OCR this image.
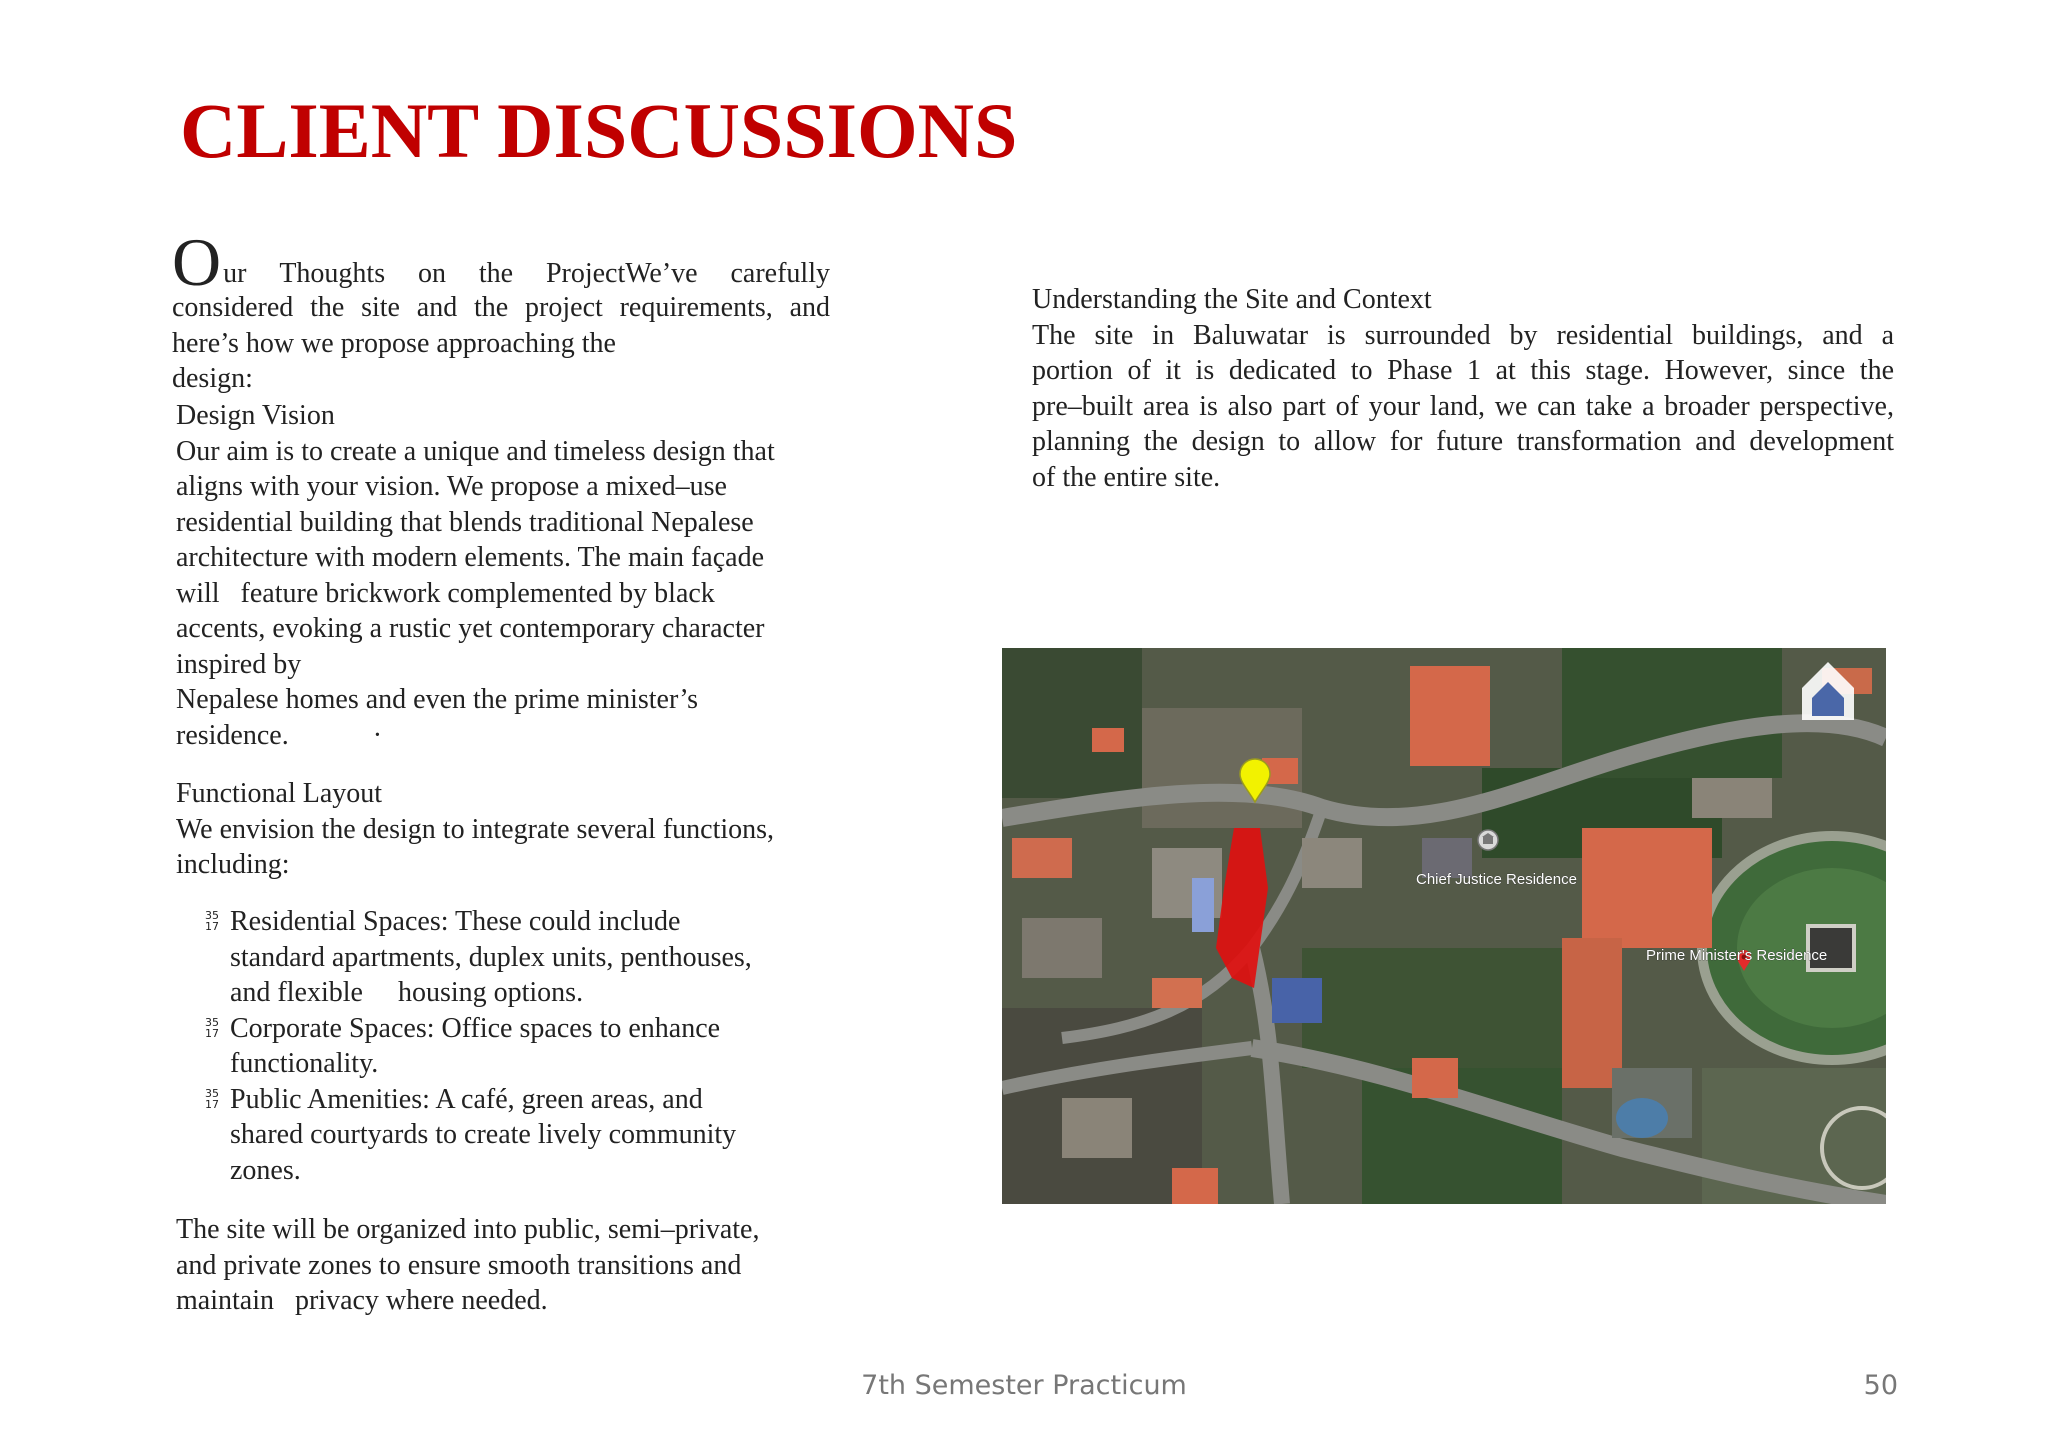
CLIENT DISCUSSIONS
O ur Thoughts on the ProjectWe’ve carefully
considered the site and the project requirements, and
here’s how we propose approaching the
design:
Design Vision
Our aim is to create a unique and timeless design that
aligns with your vision. We propose a mixed–use
residential building that blends traditional Nepalese
architecture with modern elements. The main façade
will   feature brickwork complemented by black
accents, evoking a rustic yet contemporary character
inspired by
Nepalese homes and even the prime minister’s
residence.            ·
Functional Layout
We envision the design to integrate several functions,
including:
35
17 Residential Spaces: These could include
standard apartments, duplex units, penthouses,
and flexible     housing options.
35
17 Corporate Spaces: Office spaces to enhance
functionality.
35
17 Public Amenities: A café, green areas, and
shared courtyards to create lively community
zones.
The site will be organized into public, semi–private,
and private zones to ensure smooth transitions and
maintain   privacy where needed.
Understanding the Site and Context
The site in Baluwatar is surrounded by residential buildings, and a
portion of it is dedicated to Phase 1 at this stage. However, since the
pre–built area is also part of your land, we can take a broader perspective,
planning the design to allow for future transformation and development
of the entire site.
Chief Justice Residence
Prime Minister's Residence
7th Semester Practicum	50
